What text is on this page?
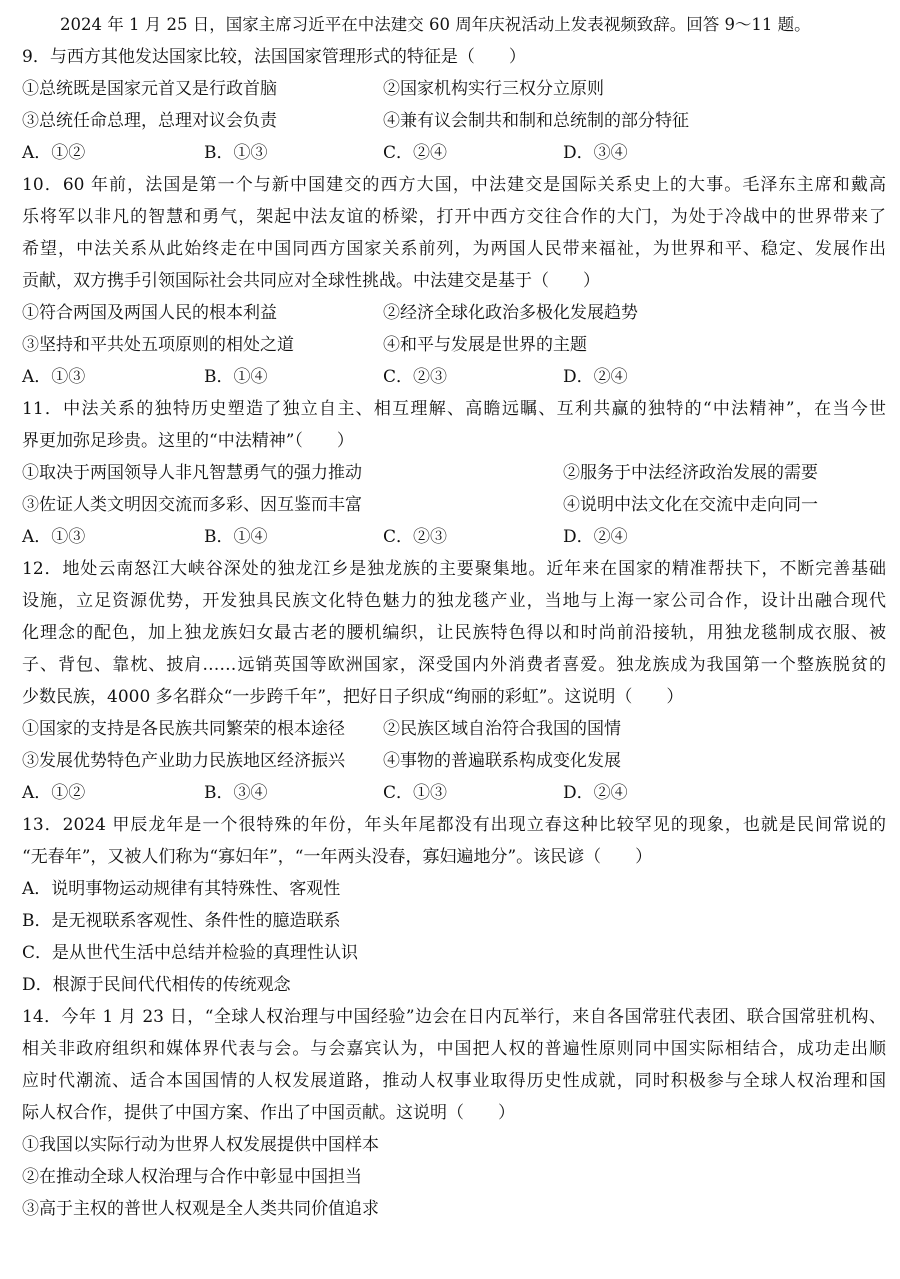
2024 年 1 月 25 日，国家主席习近平在中法建交 60 周年庆祝活动上发表视频致辞。回答 9～11 题。
9．与西方其他发达国家比较，法国国家管理形式的特征是（　　）
①总统既是国家元首又是行政首脑	②国家机构实行三权分立原则
③总统任命总理，总理对议会负责	④兼有议会制共和制和总统制的部分特征
A．①②	B．①③	C．②④	D．③④
10．60 年前，法国是第一个与新中国建交的西方大国，中法建交是国际关系史上的大事。毛泽东主席和戴高
乐将军以非凡的智慧和勇气，架起中法友谊的桥梁，打开中西方交往合作的大门，为处于冷战中的世界带来了
希望，中法关系从此始终走在中国同西方国家关系前列，为两国人民带来福祉，为世界和平、稳定、发展作出
贡献，双方携手引领国际社会共同应对全球性挑战。中法建交是基于（　　）
①符合两国及两国人民的根本利益	②经济全球化政治多极化发展趋势
③坚持和平共处五项原则的相处之道	④和平与发展是世界的主题
A．①③	B．①④	C．②③	D．②④
11．中法关系的独特历史塑造了独立自主、相互理解、高瞻远瞩、互利共赢的独特的“中法精神”，在当今世
界更加弥足珍贵。这里的“中法精神”（　　）
①取决于两国领导人非凡智慧勇气的强力推动	②服务于中法经济政治发展的需要
③佐证人类文明因交流而多彩、因互鉴而丰富	④说明中法文化在交流中走向同一
A．①③	B．①④	C．②③	D．②④
12．地处云南怒江大峡谷深处的独龙江乡是独龙族的主要聚集地。近年来在国家的精准帮扶下，不断完善基础
设施，立足资源优势，开发独具民族文化特色魅力的独龙毯产业，当地与上海一家公司合作，设计出融合现代
化理念的配色，加上独龙族妇女最古老的腰机编织，让民族特色得以和时尚前沿接轨，用独龙毯制成衣服、被
子、背包、靠枕、披肩……远销英国等欧洲国家，深受国内外消费者喜爱。独龙族成为我国第一个整族脱贫的
少数民族，4000 多名群众“一步跨千年”，把好日子织成“绚丽的彩虹”。这说明（　　）
①国家的支持是各民族共同繁荣的根本途径 ②民族区域自治符合我国的国情
③发展优势特色产业助力民族地区经济振兴 ④事物的普遍联系构成变化发展
A．①②	B．③④	C．①③	D．②④
13．2024 甲辰龙年是一个很特殊的年份，年头年尾都没有出现立春这种比较罕见的现象，也就是民间常说的
“无春年”，又被人们称为“寡妇年”，“一年两头没春，寡妇遍地分”。该民谚（　　）
A．说明事物运动规律有其特殊性、客观性
B．是无视联系客观性、条件性的臆造联系
C．是从世代生活中总结并检验的真理性认识
D．根源于民间代代相传的传统观念
14．今年 1 月 23 日，“全球人权治理与中国经验”边会在日内瓦举行，来自各国常驻代表团、联合国常驻机构、
相关非政府组织和媒体界代表与会。与会嘉宾认为，中国把人权的普遍性原则同中国实际相结合，成功走出顺
应时代潮流、适合本国国情的人权发展道路，推动人权事业取得历史性成就，同时积极参与全球人权治理和国
际人权合作，提供了中国方案、作出了中国贡献。这说明（　　）
①我国以实际行动为世界人权发展提供中国样本
②在推动全球人权治理与合作中彰显中国担当
③高于主权的普世人权观是全人类共同价值追求
